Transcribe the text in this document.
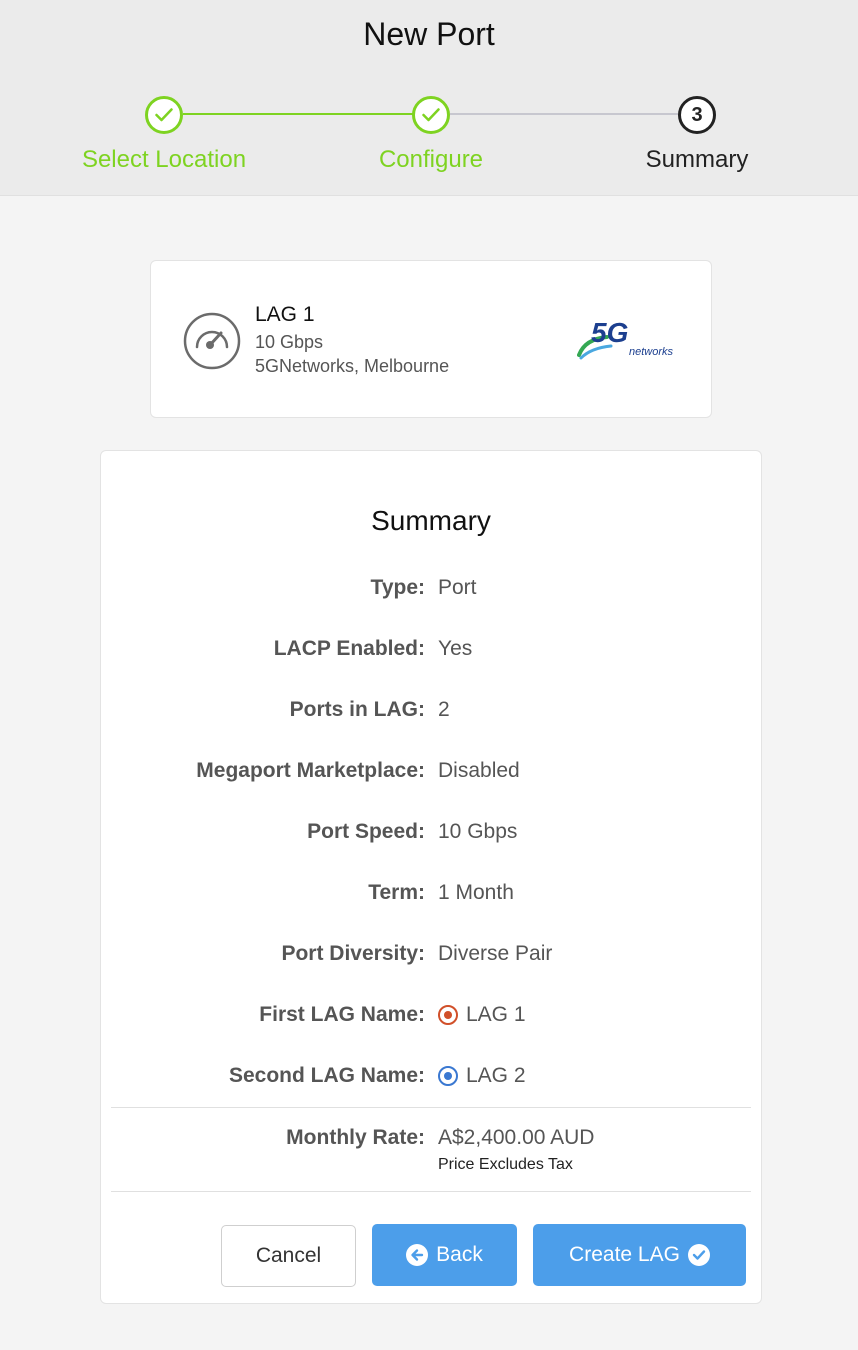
New Port
3
Select Location	Configure	Summary
LAG 1
10 Gbps
5GNetworks, Melbourne
5G
networks
Summary
Type: Port
LACP Enabled: Yes
Ports in LAG: 2
Megaport Marketplace: Disabled
Port Speed: 10 Gbps
Term: 1 Month
Port Diversity: Diverse Pair
First LAG Name: LAG 1
Second LAG Name: LAG 2
Monthly Rate: A$2,400.00 AUD
Price Excludes Tax
Cancel	Back	Create LAG
